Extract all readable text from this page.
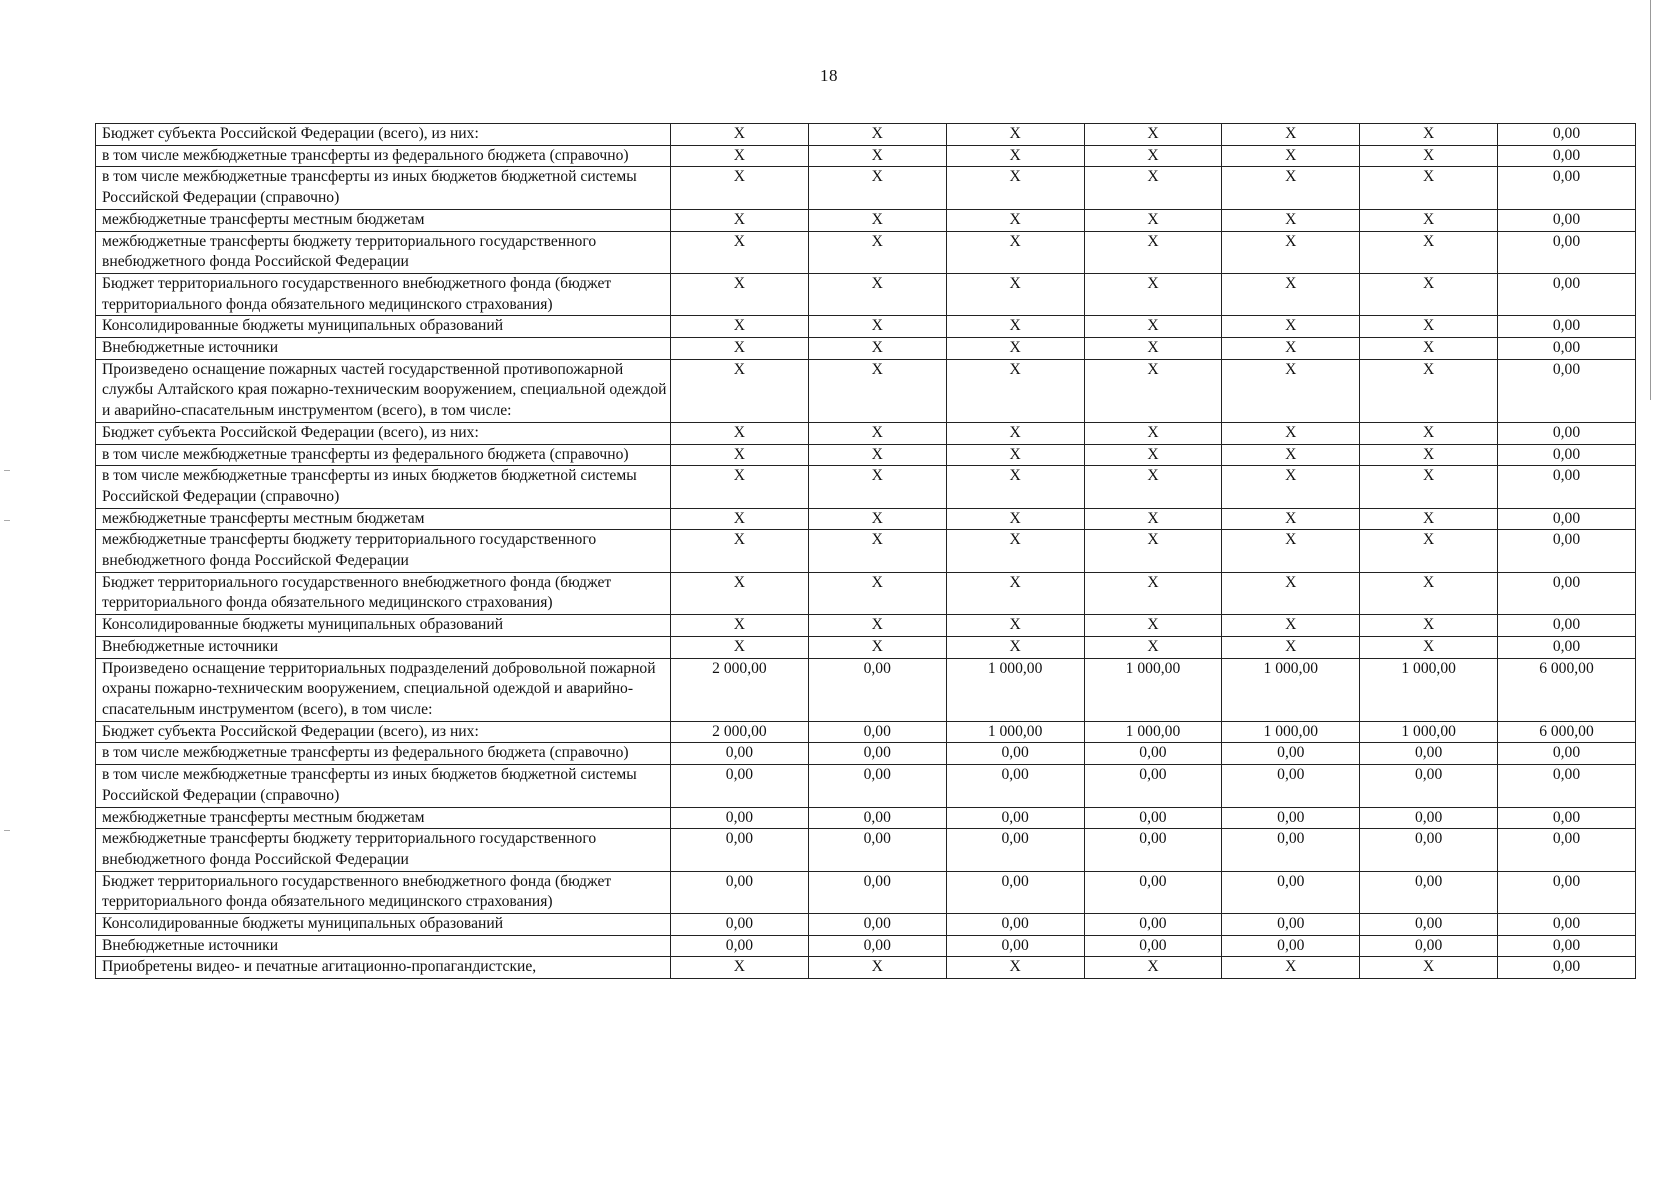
18
Бюджет субъекта Российской Федерации (всего), из них:	X	X	X	X	X	X	0,00
в том числе межбюджетные трансферты из федерального бюджета (справочно)	X	X	X	X	X	X	0,00
в том числе межбюджетные трансферты из иных бюджетов бюджетной системы Российской Федерации (справочно)	X	X	X	X	X	X	0,00
межбюджетные трансферты местным бюджетам	X	X	X	X	X	X	0,00
межбюджетные трансферты бюджету территориального государственного внебюджетного фонда Российской Федерации	X	X	X	X	X	X	0,00
Бюджет территориального государственного внебюджетного фонда (бюджет территориального фонда обязательного медицинского страхования)	X	X	X	X	X	X	0,00
Консолидированные бюджеты муниципальных образований	X	X	X	X	X	X	0,00
Внебюджетные источники	X	X	X	X	X	X	0,00
Произведено оснащение пожарных частей государственной противопожарной службы Алтайского края пожарно-техническим вооружением, специальной одеждой и аварийно-спасательным инструментом (всего), в том числе:	X	X	X	X	X	X	0,00
Бюджет субъекта Российской Федерации (всего), из них:	X	X	X	X	X	X	0,00
в том числе межбюджетные трансферты из федерального бюджета (справочно)	X	X	X	X	X	X	0,00
в том числе межбюджетные трансферты из иных бюджетов бюджетной системы Российской Федерации (справочно)	X	X	X	X	X	X	0,00
межбюджетные трансферты местным бюджетам	X	X	X	X	X	X	0,00
межбюджетные трансферты бюджету территориального государственного внебюджетного фонда Российской Федерации	X	X	X	X	X	X	0,00
Бюджет территориального государственного внебюджетного фонда (бюджет территориального фонда обязательного медицинского страхования)	X	X	X	X	X	X	0,00
Консолидированные бюджеты муниципальных образований	X	X	X	X	X	X	0,00
Внебюджетные источники	X	X	X	X	X	X	0,00
Произведено оснащение территориальных подразделений добровольной пожарной охраны пожарно-техническим вооружением, специальной одеждой и аварийно-спасательным инструментом (всего), в том числе:	2 000,00	0,00	1 000,00	1 000,00	1 000,00	1 000,00	6 000,00
Бюджет субъекта Российской Федерации (всего), из них:	2 000,00	0,00	1 000,00	1 000,00	1 000,00	1 000,00	6 000,00
в том числе межбюджетные трансферты из федерального бюджета (справочно)	0,00	0,00	0,00	0,00	0,00	0,00	0,00
в том числе межбюджетные трансферты из иных бюджетов бюджетной системы Российской Федерации (справочно)	0,00	0,00	0,00	0,00	0,00	0,00	0,00
межбюджетные трансферты местным бюджетам	0,00	0,00	0,00	0,00	0,00	0,00	0,00
межбюджетные трансферты бюджету территориального государственного внебюджетного фонда Российской Федерации	0,00	0,00	0,00	0,00	0,00	0,00	0,00
Бюджет территориального государственного внебюджетного фонда (бюджет территориального фонда обязательного медицинского страхования)	0,00	0,00	0,00	0,00	0,00	0,00	0,00
Консолидированные бюджеты муниципальных образований	0,00	0,00	0,00	0,00	0,00	0,00	0,00
Внебюджетные источники	0,00	0,00	0,00	0,00	0,00	0,00	0,00
Приобретены видео- и печатные агитационно-пропагандистские,	X	X	X	X	X	X	0,00
